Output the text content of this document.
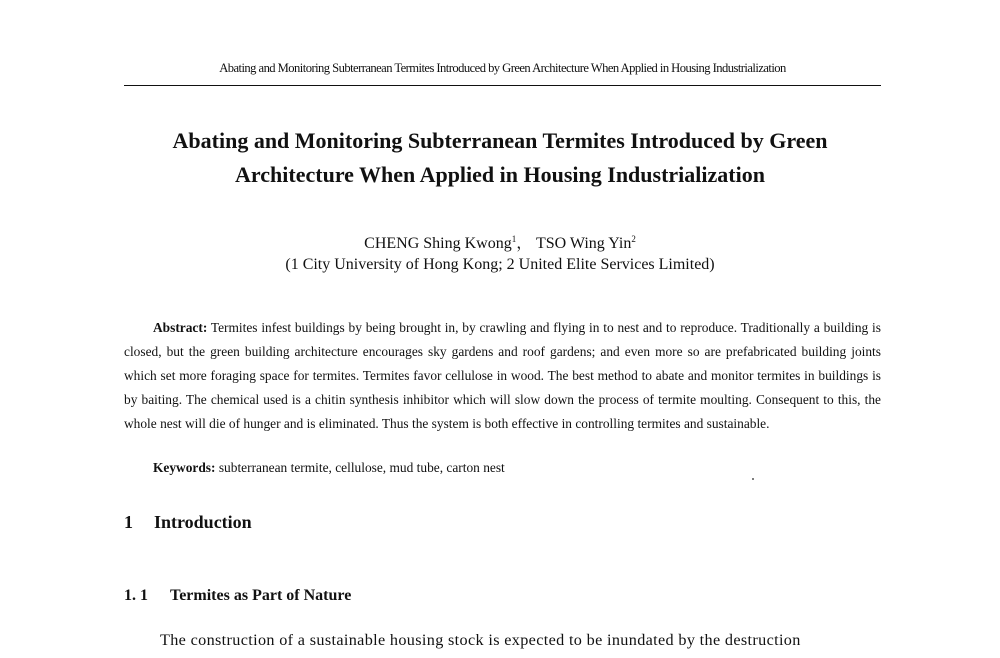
Abating and Monitoring Subterranean Termites Introduced by Green Architecture When Applied in Housing Industrialization
Abating and Monitoring Subterranean Termites Introduced by Green
Architecture When Applied in Housing Industrialization
CHENG Shing Kwong$^1$， TSO Wing Yin$^2$
(1 City University of Hong Kong; 2 United Elite Services Limited)
Abstract: Termites infest buildings by being brought in, by crawling and flying in to nest and to reproduce. Traditionally a building is closed, but the green building architecture encourages sky gardens and roof gardens; and even more so are prefabricated building joints which set more foraging space for termites. Termites favor cellulose in wood. The best method to abate and monitor termites in buildings is by baiting. The chemical used is a chitin synthesis inhibitor which will slow down the process of termite moulting. Consequent to this, the whole nest will die of hunger and is eliminated. Thus the system is both effective in controlling termites and sustainable.
Keywords: subterranean termite, cellulose, mud tube, carton nest
1 Introduction
1. 1 Termites as Part of Nature
The construction of a sustainable housing stock is expected to be inundated by the destruction
